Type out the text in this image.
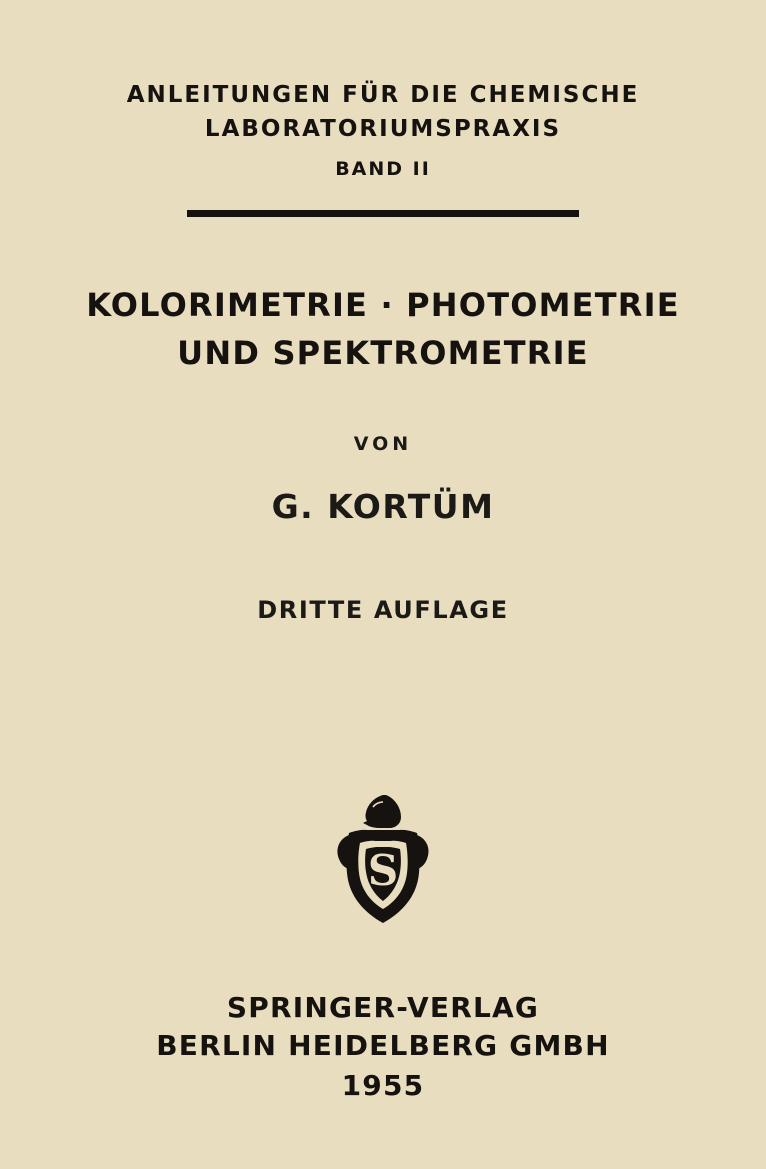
ANLEITUNGEN FÜR DIE CHEMISCHE
LABORATORIUMSPRAXIS
BAND II
KOLORIMETRIE · PHOTOMETRIE
UND SPEKTROMETRIE
VON
G. KORTÜM
DRITTE AUFLAGE
S
SPRINGER-VERLAG
BERLIN HEIDELBERG GMBH
1955
